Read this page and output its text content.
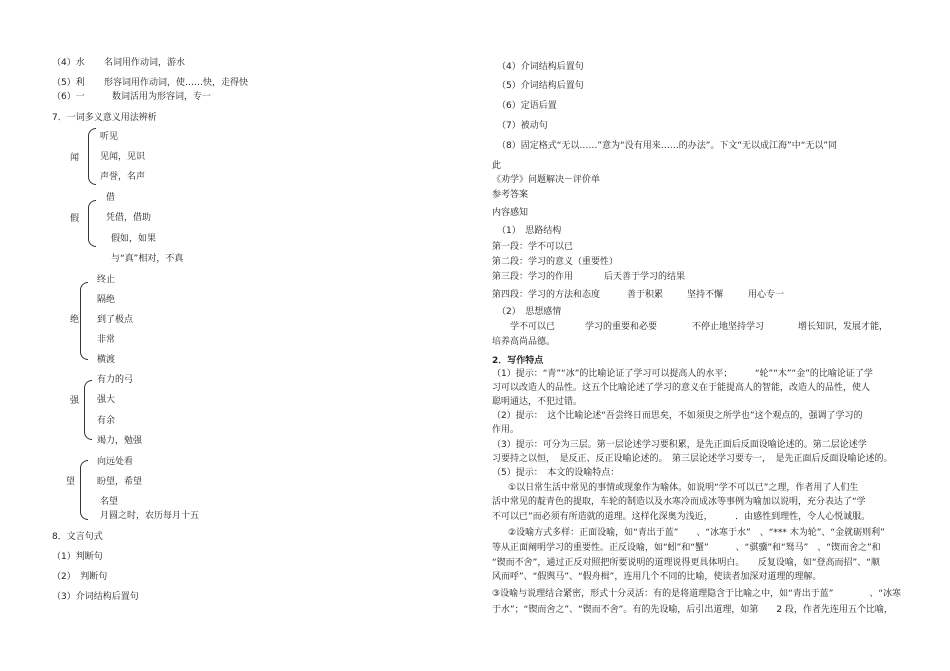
（4）水 名词用作动词，游水
（5）利 形容词用作动词，使……快，走得快
（6）一	数词活用为形容词，专一
7．一词多义意义用法辨析
闻
听见
见闻，见识
声誉，名声
假
借
凭借，借助
假如，如果
与“真”相对，不真
绝
终止
隔绝
到了极点
非常
横渡
强
有力的弓
强大
有余
竭力，勉强
望
向远处看
盼望，希望
名望
月圆之时，农历每月十五
8．文言句式
（1）判断句
（2）　判断句
（3）介词结构后置句
（4）介词结构后置句
（5）介词结构后置句
（6）定语后置
（7）被动句
（8）固定格式“无以……”意为“没有用来……的办法”。下文“无以成江海”中“无以”同
此
《劝学》问题解决－评价单
参考答案
内容感知
（1）　思路结构
第一段：学不可以已
第二段：学习的意义（重要性）
第三段：学习的作用	后天善于学习的结果
第四段：学习的方法和态度	善于积累	坚持不懈	用心专一
（2）　思想感情
学不可以已	学习的重要和必要	不停止地坚持学习	增长知识，发展才能，
培养高尚品德。
2．写作特点
（1）提示：“青”“冰”的比喻论证了学习可以提高人的水平；　　　“轮”“木”“金”的比喻论证了学
习可以改造人的品性。这五个比喻论述了学习的意义在于能提高人的智能，改造人的品性，使人
聪明通达，不犯过错。
（2）提示：　这个比喻论述“吾尝终日而思矣，不如须臾之所学也”这个观点的，强调了学习的
作用。
（3）提示：可分为三层。第一层论述学习要积累，是先正面后反面设喻论述的。第二层论述学
习要持之以恒，　是反正、反正设喻论述的。　第三层论述学习要专一，　是先正面后反面设喻论述的。
（5）提示：　本文的设喻特点：
①以日常生活中常见的事情或现象作为喻体。如说明“学不可以已”之理，作者用了人们生
活中常见的靛青色的提取，车轮的制造以及水寒冷而成冰等事例为喻加以说明，充分表达了“学
不可以已”而必须有所造就的道理。这样化深奥为浅近，　　　．由感性到理性，令人心悦诚服。
②设喻方式多样：正面设喻，如“青出于蓝”　　、“冰寒于水”　、“*** 木为轮”、“金就砺则利”
等从正面阐明学习的重要性。正反设喻，如“蚓”和“蟹”　　　、“骐骥”和“驽马”　、“锲而舍之”和
“锲而不舍”，通过正反对照把所要说明的道理说得更具体明白。　　反复设喻，如“登高而招”、“顺
风而呼”、“假舆马”、“假舟楫”，连用几个不同的比喻，使读者加深对道理的理解。
③设喻与说理结合紧密，形式十分灵活：有的是将道理隐含于比喻之中，如“青出于蓝”　　　　、“冰寒
于水”；“锲而舍之”、“锲而不舍”。有的先设喻，后引出道理，如第　　2 段，作者先连用五个比喻，
